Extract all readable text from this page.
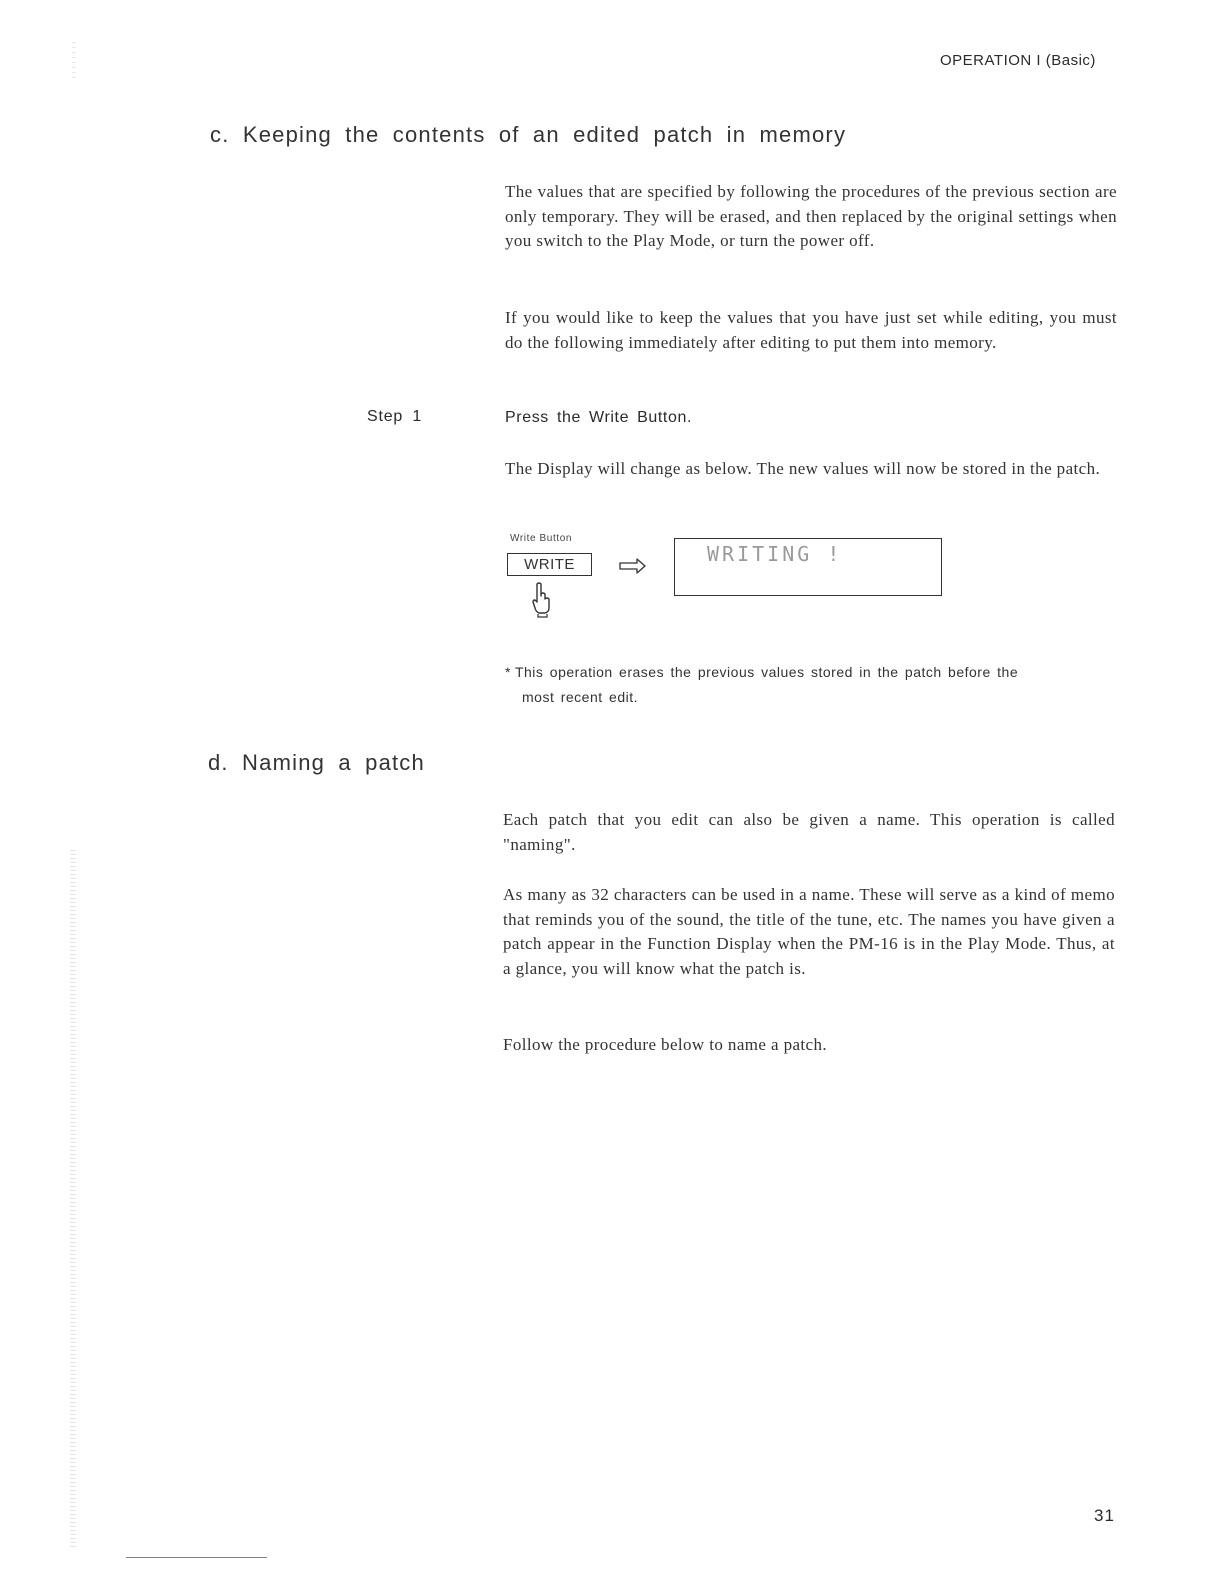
OPERATION I (Basic)
c. Keeping the contents of an edited patch in memory

The values that are specified by following the procedures of the previous section are only temporary. They will be erased, and then replaced by the original settings when you switch to the Play Mode, or turn the power off.

If you would like to keep the values that you have just set while editing, you must do the following immediately after editing to put them into memory.

Step 1	Press the Write Button.

The Display will change as below. The new values will now be stored in the patch.

Write Button
WRITE	WRITING !
* This operation erases the previous values stored in the patch before the
most recent edit.
d. Naming a patch

Each patch that you edit can also be given a name. This operation is called "naming".

As many as 32 characters can be used in a name. These will serve as a kind of memo that reminds you of the sound, the title of the tune, etc. The names you have given a patch appear in the Function Display when the PM-16 is in the Play Mode. Thus, at a glance, you will know what the patch is.

Follow the procedure below to name a patch.

31
